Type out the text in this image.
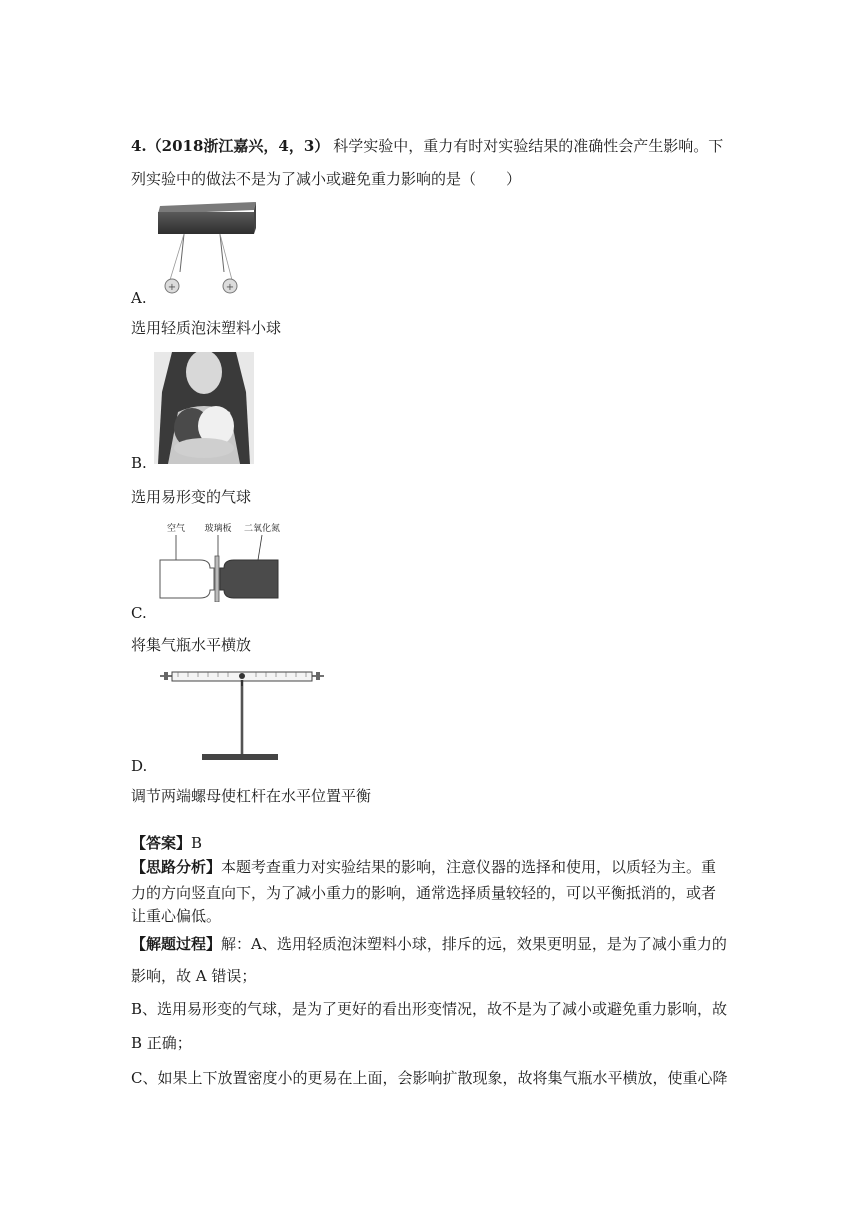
4.（2018浙江嘉兴，4，3） 科学实验中，重力有时对实验结果的准确性会产生影响。下
列实验中的做法不是为了减小或避免重力影响的是（　　）
+	+
A.
选用轻质泡沫塑料小球
B.
选用易形变的气球
空气 玻璃板 二氧化氮
C.
将集气瓶水平横放
D.
调节两端螺母使杠杆在水平位置平衡
【答案】B
【思路分析】本题考查重力对实验结果的影响，注意仪器的选择和使用，以质轻为主。重
力的方向竖直向下，为了减小重力的影响，通常选择质量较轻的，可以平衡抵消的，或者
让重心偏低。
【解题过程】解：A、选用轻质泡沫塑料小球，排斥的远，效果更明显，是为了减小重力的
影响，故 A 错误；
B、选用易形变的气球，是为了更好的看出形变情况，故不是为了减小或避免重力影响，故
B 正确；
C、如果上下放置密度小的更易在上面，会影响扩散现象，故将集气瓶水平横放，使重心降
